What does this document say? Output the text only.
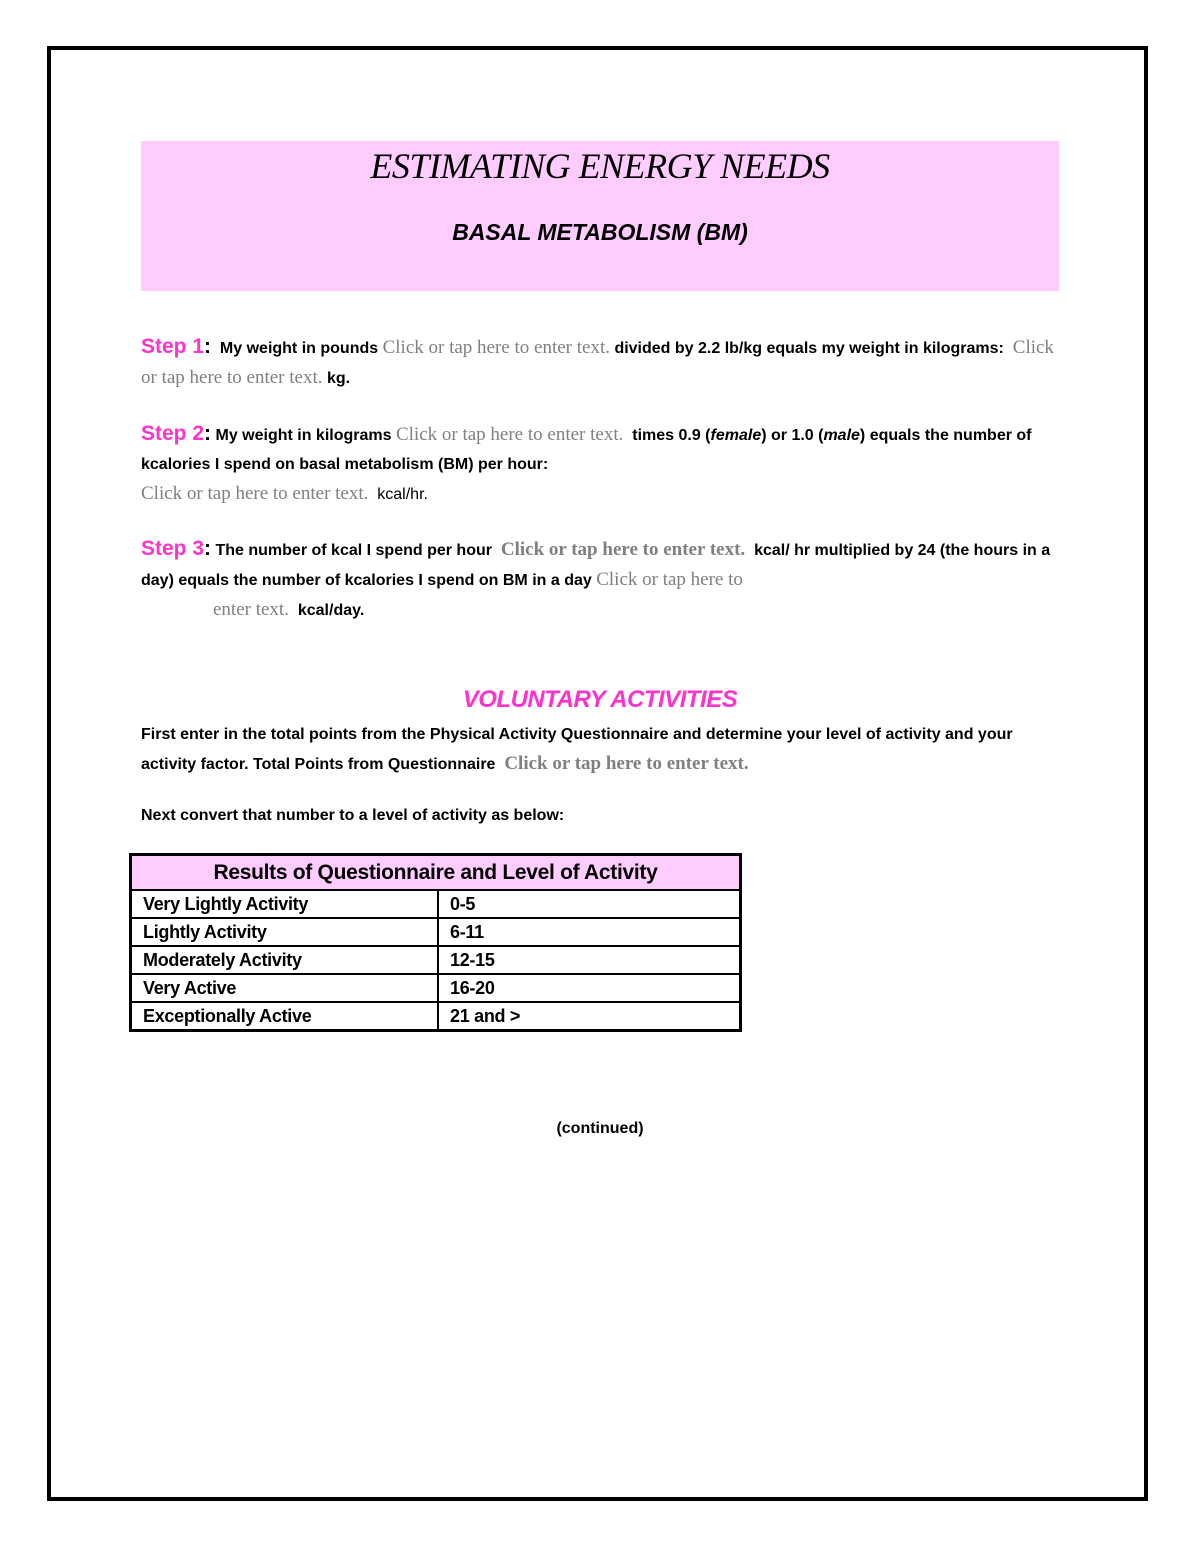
ESTIMATING ENERGY NEEDS
BASAL METABOLISM (BM)
Step 1: My weight in pounds Click or tap here to enter text. divided by 2.2 lb/kg equals my weight in kilograms: Click or tap here to enter text. kg.
Step 2: My weight in kilograms Click or tap here to enter text. times 0.9 (female) or 1.0 (male) equals the number of kcalories I spend on basal metabolism (BM) per hour:
Click or tap here to enter text. kcal/hr.
Step 3: The number of kcal I spend per hour Click or tap here to enter text. kcal/ hr multiplied by 24 (the hours in a day) equals the number of kcalories I spend on BM in a day Click or tap here to
enter text. kcal/day.
VOLUNTARY ACTIVITIES
First enter in the total points from the Physical Activity Questionnaire and determine your level of activity and your activity factor. Total Points from Questionnaire Click or tap here to enter text.
Next convert that number to a level of activity as below:
Results of Questionnaire and Level of Activity	
Very Lightly Activity	0-5
Lightly Activity	6-11
Moderately Activity	12-15
Very Active	16-20
Exceptionally Active	21 and >
(continued)
